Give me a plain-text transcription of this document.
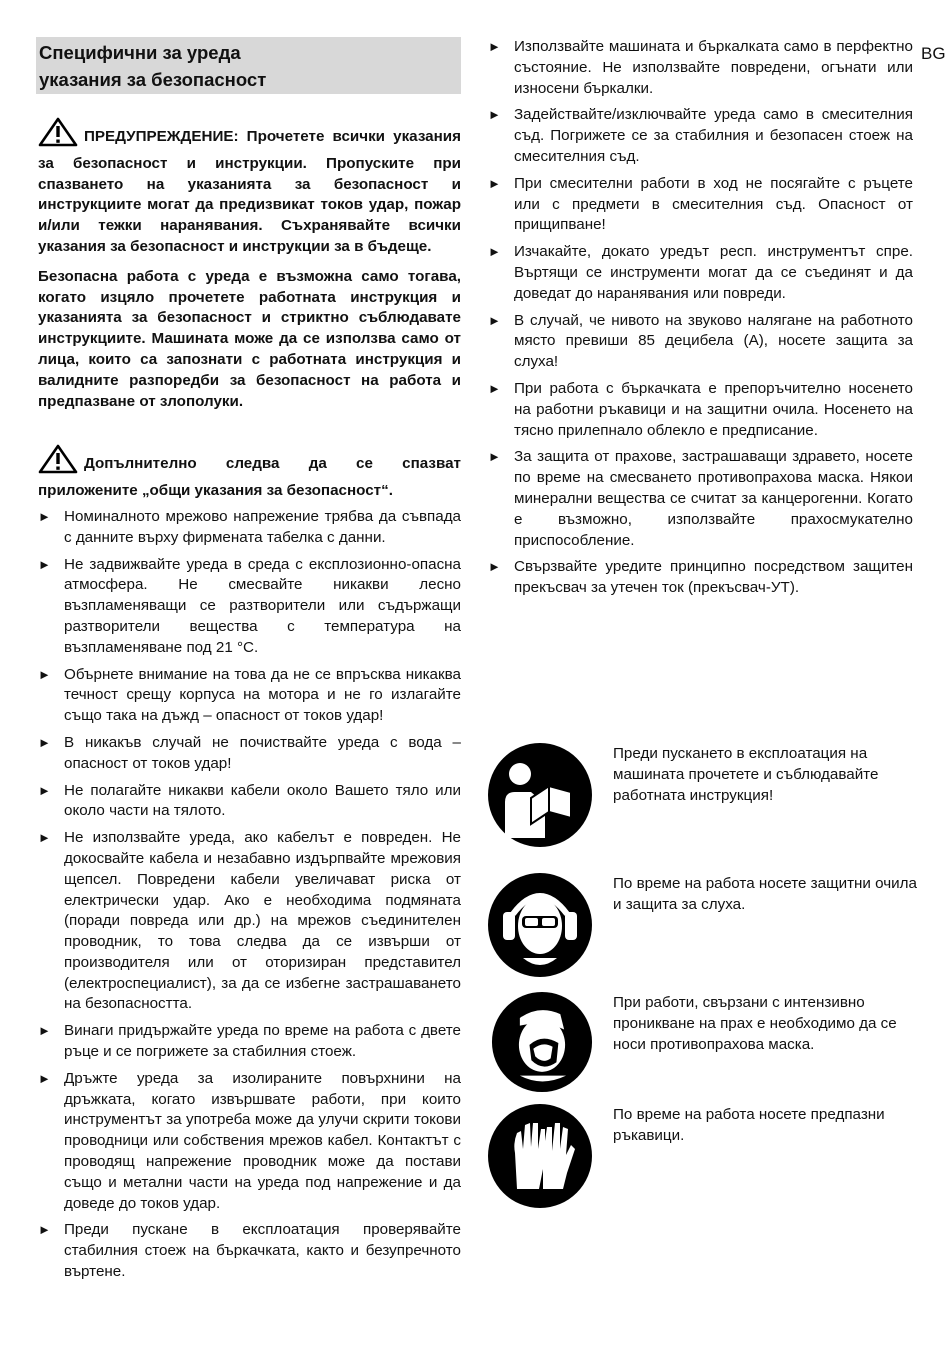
Специфични за уреда
указания за безопасност
BG

ПРЕДУПРЕЖДЕНИЕ: Прочетете всички указания за безопасност и инструкции. Пропуските при спазването на указанията за безопасност и инструкциите могат да предизвикат токов удар, пожар и/или тежки наранявания. Съхранявайте всички указания за безопасност и инструкции за в бъдеще.

Безопасна работа с уреда е възможна само тогава, когато изцяло прочетете работната инструкция и указанията за безопасност и стриктно съблюдавате инструкциите. Машината може да се използва само от лица, които са запознати с работната инструкция и валидните разпоредби за безопасност на работа и предпазване от злополуки.

Допълнително следва да се спазват приложените „общи указания за безопасност“.

► Номиналното мрежово напрежение трябва да съвпада с данните върху фирмената табелка с данни.

► Не задвижвайте уреда в среда с експлозионно-опасна атмосфера. Не смесвайте никакви лесно възпламеняващи се разтворители или съдържащи разтворители вещества с температура на възпламеняване под 21 °C.

► Обърнете внимание на това да не се впръсква никаква течност срещу корпуса на мотора и не го излагайте също така на дъжд – опасност от токов удар!

► В никакъв случай не почиствайте уреда с вода – опасност от токов удар!

► Не полагайте никакви кабели около Вашето тяло или около части на тялото.

► Не използвайте уреда, ако кабелът е повреден. Не докосвайте кабела и незабавно издърпвайте мрежовия щепсел. Повредени кабели увеличават риска от електрически удар. Ако е необходима подмяната (поради повреда или др.) на мрежов съединителен проводник, то това следва да се извърши от производителя или от оторизиран представител (електроспециалист), за да се избегне застрашаването на безопасността.

► Винаги придържайте уреда по време на работа с двете ръце и се погрижете за стабилния стоеж.

► Дръжте уреда за изолираните повърхнини на дръжката, когато извършвате работи, при които инструментът за употреба може да улучи скрити токови проводници или собствения мрежов кабел. Контактът с проводящ напрежение проводник може да постави също и метални части на уреда под напрежение и да доведе до токов удар.

► Преди пускане в експлоатация проверявайте стабилния стоеж на бъркачката, както и безупречното въртене.

► Използвайте машината и бъркалката само в перфектно състояние. Не използвайте повредени, огънати или износени бъркалки.

► Задействайте/изключвайте уреда само в смесителния съд. Погрижете се за стабилния и безопасен стоеж на смесителния съд.

► При смесителни работи в ход не посягайте с ръцете или с предмети в смесителния съд. Опасност от прищипване!

► Изчакайте, докато уредът респ. инструментът спре. Въртящи се инструменти могат да се съединят и да доведат до наранявания или повреди.

► В случай, че нивото на звуково налягане на работното място превиши 85 децибела (A), носете защита за слуха!

► При работа с бъркачката е препоръчително носенето на работни ръкавици и на защитни очила. Носенето на тясно прилепнало облекло е предписание.

► За защита от прахове, застрашаващи здравето, носете по време на смесването противопрахова маска. Някои минерални вещества се считат за канцерогенни. Когато е възможно, използвайте прахосмукателно приспособление.

► Свързвайте уредите принципно посредством защитен прекъсвач за утечен ток (прекъсвач-УТ).

Преди пускането в експлоатация на машината прочетете и съблюдавайте работната инструкция!
По време на работа носете защитни очила и защита за слуха.
При работи, свързани с интензивно проникване на прах е необходимо да се носи противопрахова маска.
По време на работа носете предпазни ръкавици.
